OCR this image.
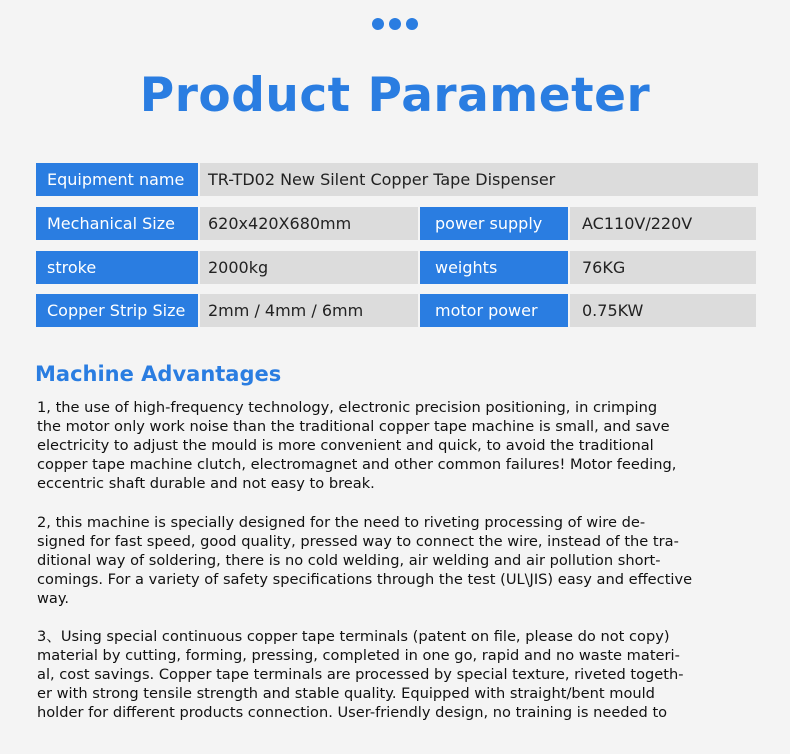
Product Parameter
Equipment name	TR-TD02 New Silent Copper Tape Dispenser
Mechanical Size	620x420X680mm	power supply	AC110V/220V
stroke	2000kg	weights	76KG
Copper Strip Size	2mm / 4mm / 6mm	motor power	0.75KW
Machine Advantages
1, the use of high-frequency technology, electronic precision positioning, in crimping
the motor only work noise than the traditional copper tape machine is small, and save
electricity to adjust the mould is more convenient and quick, to avoid the traditional
copper tape machine clutch, electromagnet and other common failures! Motor feeding,
eccentric shaft durable and not easy to break.
2, this machine is specially designed for the need to riveting processing of wire de-
signed for fast speed, good quality, pressed way to connect the wire, instead of the tra-
ditional way of soldering, there is no cold welding, air welding and air pollution short-
comings. For a variety of safety specifications through the test (UL\JIS) easy and effective
way.
3、Using special continuous copper tape terminals (patent on file, please do not copy)
material by cutting, forming, pressing, completed in one go, rapid and no waste materi-
al, cost savings. Copper tape terminals are processed by special texture, riveted togeth-
er with strong tensile strength and stable quality. Equipped with straight/bent mould
holder for different products connection. User-friendly design, no training is needed to
